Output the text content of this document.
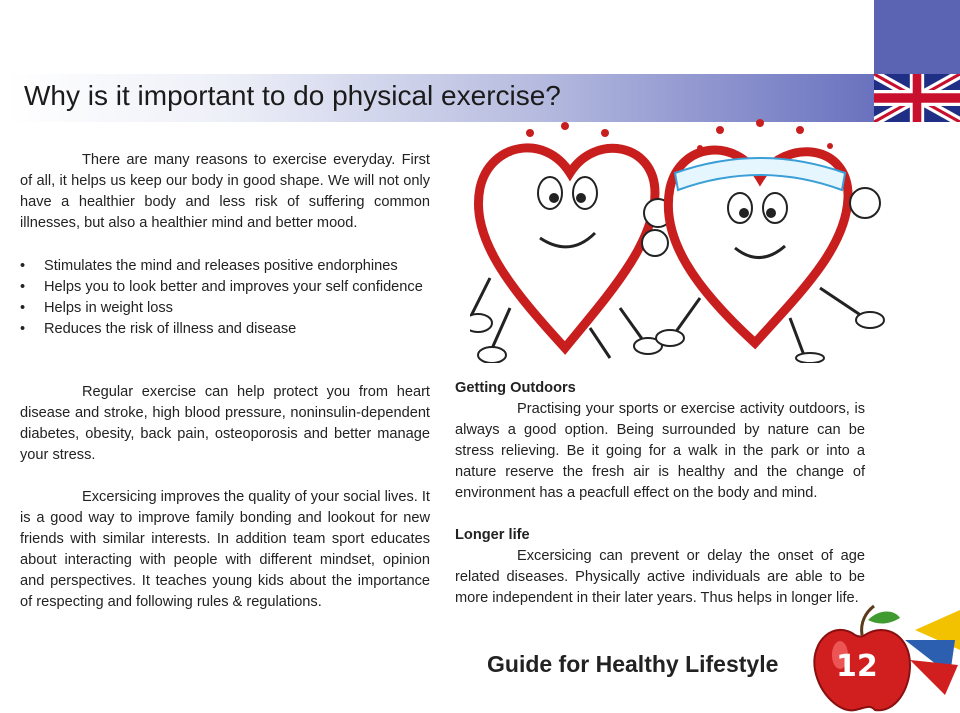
Why is it important to do physical exercise?

There are many reasons to exercise everyday. First of all, it helps us keep our body in good shape. We will not only have a healthier body and less risk of suffering common illnesses, but also a healthier mind and better mood.

• Stimulates the mind and releases positive endorphines
• Helps you to look better and improves your self confidence
• Helps in weight loss
• Reduces the risk of illness and disease

Regular exercise can help protect you from heart disease and stroke, high blood pressure, noninsulin-dependent diabetes, obesity, back pain, osteoporosis and better manage your stress.

Excersicing improves the quality of your social lives. It is a good way to improve family bonding and lookout for new friends with similar interests. In addition team sport educates about interacting with people with different mindset, opinion and perspectives. It teaches young kids about the importance of respecting and following rules & regulations.

Getting Outdoors

Practising your sports or exercise activity outdoors, is always a good option. Being surrounded by nature can be stress relieving. Be it going for a walk in the park or into a nature reserve the fresh air is healthy and the change of environment has a peacfull effect on the body and mind.

Longer life

Excersicing can prevent or delay the onset of age related diseases. Physically active individuals are able to be more independent in their later years. Thus helps in longer life.

Guide for Healthy Lifestyle 12
